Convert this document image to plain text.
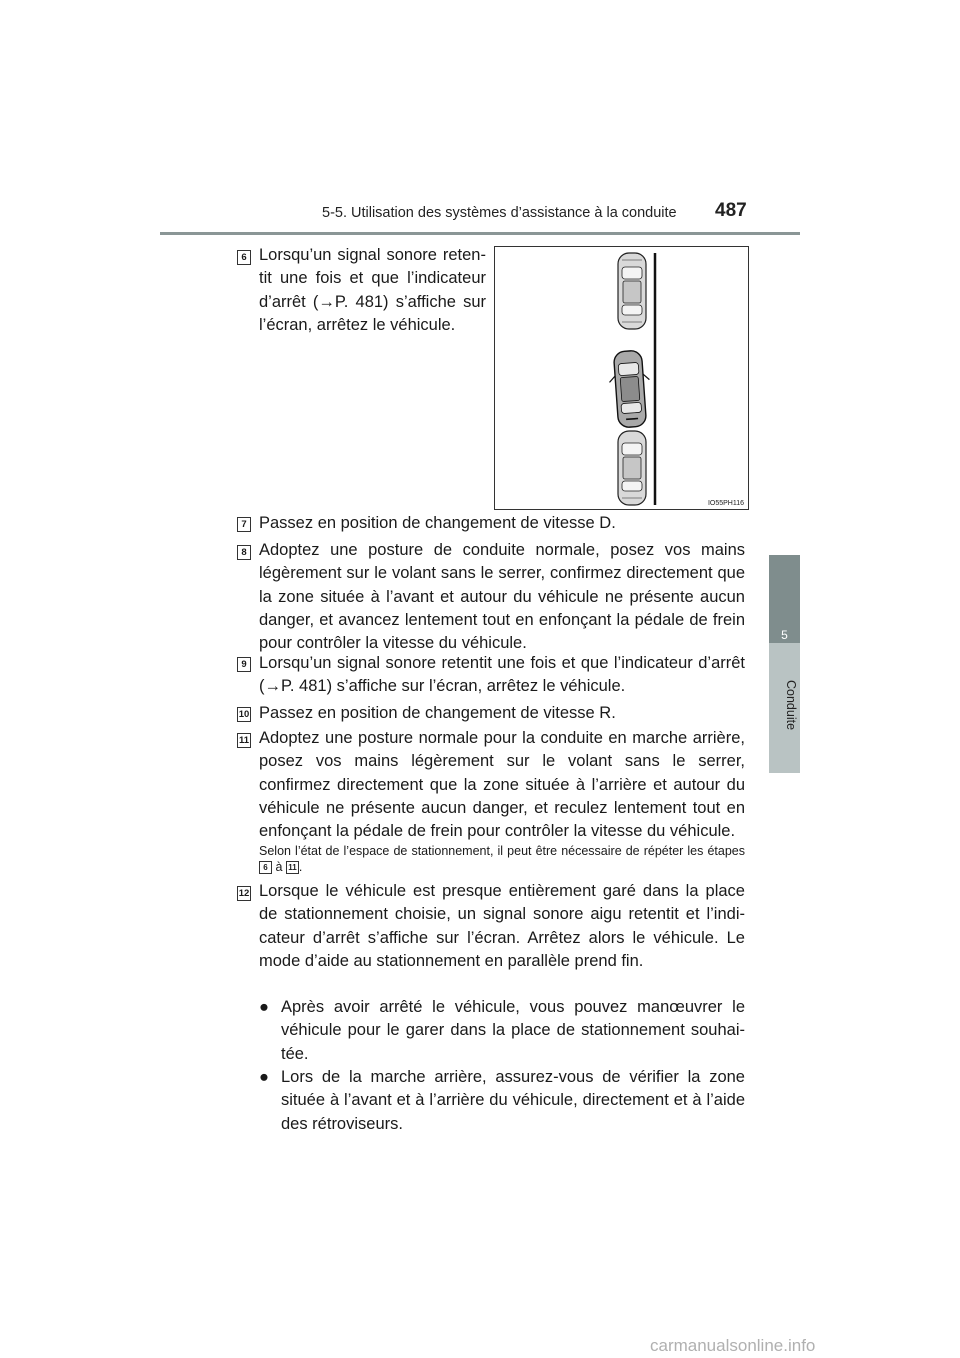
5-5. Utilisation des systèmes d’assistance à la conduite 487
5
Conduite
6 Lorsqu’un signal sonore retentit une fois et que l’indicateur d’arrêt (→P. 481) s’affiche sur l’écran, arrêtez le véhicule.
IO55PH116
7 Passez en position de changement de vitesse D.
8 Adoptez une posture de conduite normale, posez vos mains légèrement sur le volant sans le serrer, confirmez directement que la zone située à l’avant et autour du véhicule ne présente aucun danger, et avancez lentement tout en enfonçant la pédale de frein pour contrôler la vitesse du véhicule.
9 Lorsqu’un signal sonore retentit une fois et que l’indicateur d’arrêt (→P. 481) s’affiche sur l’écran, arrêtez le véhicule.
10 Passez en position de changement de vitesse R.
11 Adoptez une posture normale pour la conduite en marche arrière, posez vos mains légèrement sur le volant sans le serrer, confirmez directement que la zone située à l’arrière et autour du véhicule ne présente aucun danger, et reculez lentement tout en enfonçant la pédale de frein pour contrôler la vitesse du véhicule.
Selon l’état de l’espace de stationnement, il peut être nécessaire de répéter les étapes 6 à 11 .
12 Lorsque le véhicule est presque entièrement garé dans la place de stationnement choisie, un signal sonore aigu retentit et l’indicateur d’arrêt s’affiche sur l’écran. Arrêtez alors le véhicule. Le mode d’aide au stationnement en parallèle prend fin.
● Après avoir arrêté le véhicule, vous pouvez manœuvrer le véhicule pour le garer dans la place de stationnement souhaitée.
● Lors de la marche arrière, assurez-vous de vérifier la zone située à l’avant et à l’arrière du véhicule, directement et à l’aide des rétroviseurs.
carmanualsonline.info
